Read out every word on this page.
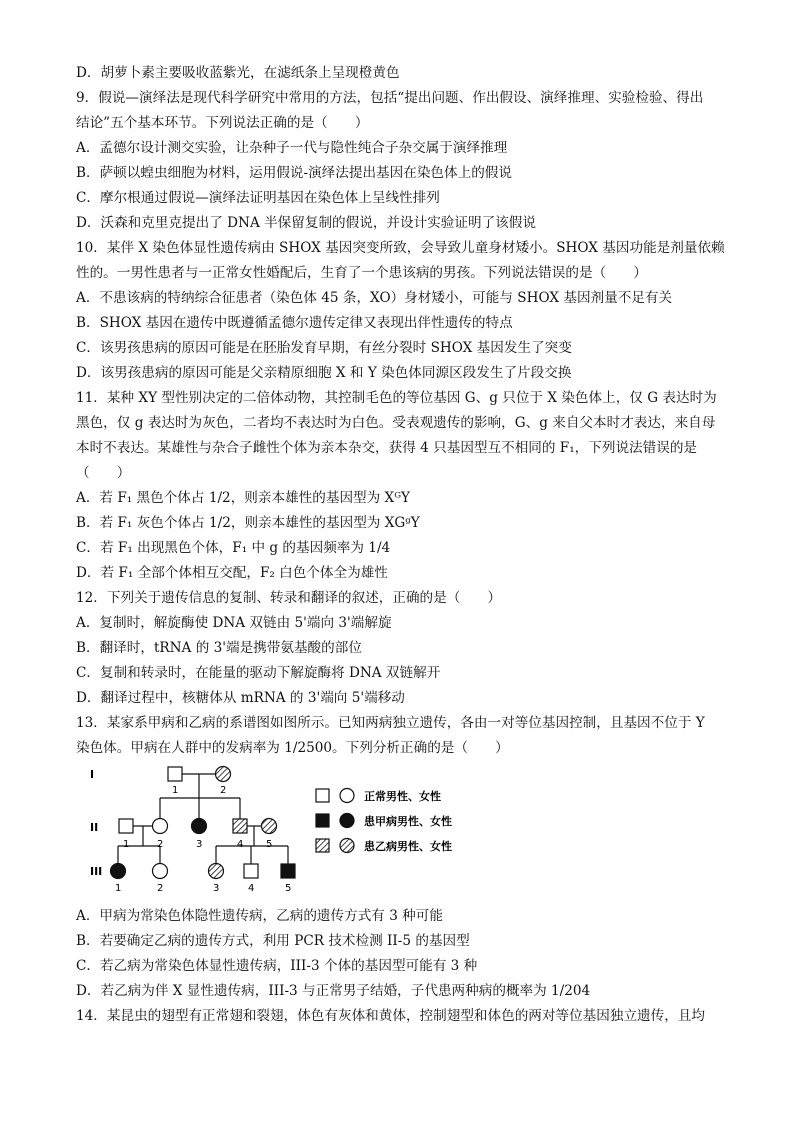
D．胡萝卜素主要吸收蓝紫光，在滤纸条上呈现橙黄色
9．假说—演绎法是现代科学研究中常用的方法，包括“提出问题、作出假设、演绎推理、实验检验、得出
结论”五个基本环节。下列说法正确的是（　　）
A．孟德尔设计测交实验，让杂种子一代与隐性纯合子杂交属于演绎推理
B．萨顿以蝗虫细胞为材料，运用假说-演绎法提出基因在染色体上的假说
C．摩尔根通过假说—演绎法证明基因在染色体上呈线性排列
D．沃森和克里克提出了 DNA 半保留复制的假说，并设计实验证明了该假说
10．某伴 X 染色体显性遗传病由 SHOX 基因突变所致，会导致儿童身材矮小。SHOX 基因功能是剂量依赖
性的。一男性患者与一正常女性婚配后，生育了一个患该病的男孩。下列说法错误的是（　　）
A．不患该病的特纳综合征患者（染色体 45 条，XO）身材矮小，可能与 SHOX 基因剂量不足有关
B．SHOX 基因在遗传中既遵循孟德尔遗传定律又表现出伴性遗传的特点
C．该男孩患病的原因可能是在胚胎发育早期，有丝分裂时 SHOX 基因发生了突变
D．该男孩患病的原因可能是父亲精原细胞 X 和 Y 染色体同源区段发生了片段交换
11．某种 XY 型性别决定的二倍体动物，其控制毛色的等位基因 G、g 只位于 X 染色体上，仅 G 表达时为
黑色，仅 g 表达时为灰色，二者均不表达时为白色。受表观遗传的影响，G、g 来自父本时才表达，来自母
本时不表达。某雄性与杂合子雌性个体为亲本杂交，获得 4 只基因型互不相同的 F₁，下列说法错误的是
（　　）
A．若 F₁ 黑色个体占 1/2，则亲本雄性的基因型为 XᴳY
B．若 F₁ 灰色个体占 1/2，则亲本雄性的基因型为 XGᵍY
C．若 F₁ 出现黑色个体，F₁ 中 g 的基因频率为 1/4
D．若 F₁ 全部个体相互交配，F₂ 白色个体全为雄性
12．下列关于遗传信息的复制、转录和翻译的叙述，正确的是（　　）
A．复制时，解旋酶使 DNA 双链由 5'端向 3'端解旋
B．翻译时，tRNA 的 3'端是携带氨基酸的部位
C．复制和转录时，在能量的驱动下解旋酶将 DNA 双链解开
D．翻译过程中，核糖体从 mRNA 的 3'端向 5'端移动
13．某家系甲病和乙病的系谱图如图所示。已知两病独立遗传，各由一对等位基因控制，且基因不位于 Y
染色体。甲病在人群中的发病率为 1/2500。下列分析正确的是（　　）
I
II
III
1	2
1	2	3	4 5
1	2	3	4	5
正常男性、女性
患甲病男性、女性
患乙病男性、女性
A．甲病为常染色体隐性遗传病，乙病的遗传方式有 3 种可能
B．若要确定乙病的遗传方式，利用 PCR 技术检测 II-5 的基因型
C．若乙病为常染色体显性遗传病，III-3 个体的基因型可能有 3 种
D．若乙病为伴 X 显性遗传病，III-3 与正常男子结婚，子代患两种病的概率为 1/204
14．某昆虫的翅型有正常翅和裂翅，体色有灰体和黄体，控制翅型和体色的两对等位基因独立遗传，且均
